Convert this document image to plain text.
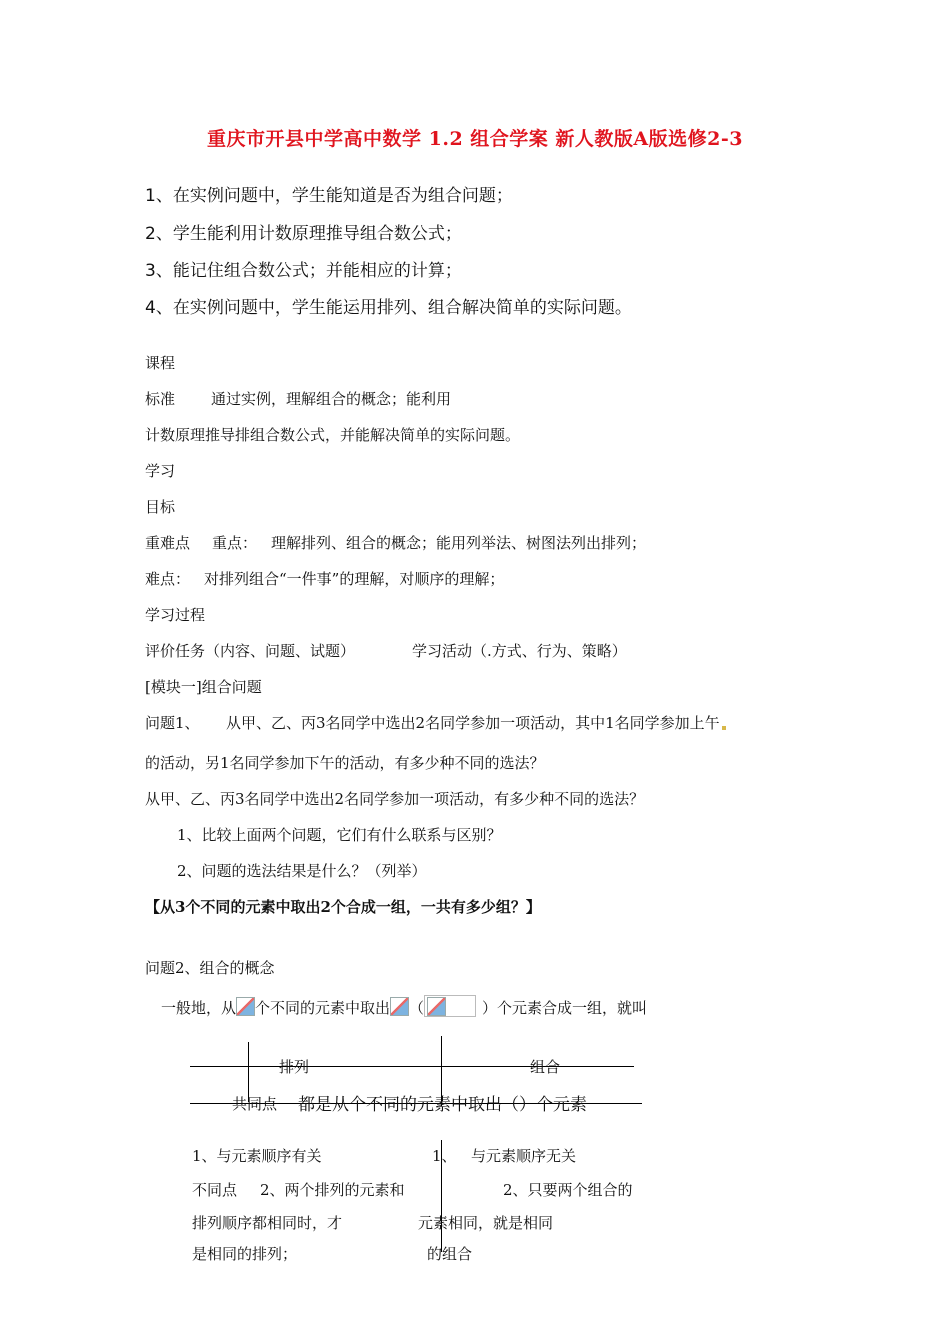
重庆市开县中学高中数学 1.2 组合学案 新人教版A版选修2-3
1、在实例问题中，学生能知道是否为组合问题；
2、学生能利用计数原理推导组合数公式；
3、能记住组合数公式；并能相应的计算；
4、在实例问题中，学生能运用排列、组合解决简单的实际问题。
课程
标准 通过实例，理解组合的概念；能利用
计数原理推导排组合数公式，并能解决简单的实际问题。
学习
目标
重难点 重点： 理解排列、组合的概念；能用列举法、树图法列出排列；
难点： 对排列组合“一件事”的理解，对顺序的理解；
学习过程
评价任务（内容、问题、试题）	学习活动（.方式、行为、策略）
[模块一]组合问题
问题1、 从甲、乙、丙3名同学中选出2名同学参加一项活动，其中1名同学参加上午
的活动，另1名同学参加下午的活动，有多少种不同的选法？
从甲、乙、丙3名同学中选出2名同学参加一项活动，有多少种不同的选法？
1、比较上面两个问题，它们有什么联系与区别？
2、问题的选法结果是什么？（列举）
【从3个不同的元素中取出2个合成一组，一共有多少组？】
问题2、组合的概念
一般地，从 个不同的元素中取出 （	）个元素合成一组，就叫
排列	组合
共同点 都是从个不同的元素中取出（）个元素
1、与元素顺序有关	1、 与元素顺序无关
不同点 2、两个排列的元素和	2、只要两个组合的
排列顺序都相同时，才	元素相同，就是相同
是相同的排列；	的组合
